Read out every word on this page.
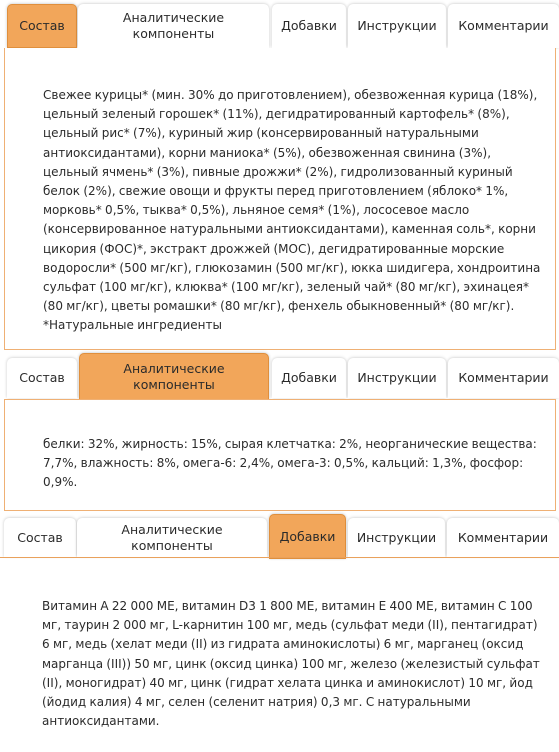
Состав
Аналитические компоненты
Добавки	Инструкции	Комментарии
Свежее курицы* (мин. 30% до приготовлением), обезвоженная курица (18%), цельный зеленый горошек* (11%), дегидратированный картофель* (8%), цельный рис* (7%), куриный жир (консервированный натуральными антиоксидантами), корни маниока* (5%), обезвоженная свинина (3%), цельный ячмень* (3%), пивные дрожжи* (2%), гидролизованный куриный белок (2%), свежие овощи и фрукты перед приготовлением (яблоко* 1%, морковь* 0,5%, тыква* 0,5%), льняное семя* (1%), лососевое масло (консервированное натуральными антиоксидантами), каменная соль*, корни цикория (ФОС)*, экстракт дрожжей (МОС), дегидратированные морские водоросли* (500 мг/кг), глюкозамин (500 мг/кг), юкка шидигера, хондроитина сульфат (100 мг/кг), клюква* (100 мг/кг), зеленый чай* (80 мг/кг), эхинацея* (80 мг/кг), цветы ромашки* (80 мг/кг), фенхель обыкновенный* (80 мг/кг). *Натуральные ингредиенты
Состав
Аналитические компоненты	Добавки	Инструкции	Комментарии
белки: 32%, жирность: 15%, сырая клетчатка: 2%, неорганические вещества: 7,7%, влажность: 8%, омега-6: 2,4%, омега-3: 0,5%, кальций: 1,3%, фосфор: 0,9%.
Состав
Аналитические компоненты
Добавки	Инструкции	Комментарии
Витамин A 22 000 МЕ, витамин D3 1 800 МЕ, витамин E 400 МЕ, витамин C 100 мг, таурин 2 000 мг, L-карнитин 100 мг, медь (сульфат меди (II), пентагидрат) 6 мг, медь (хелат меди (II) из гидрата аминокислоты) 6 мг, марганец (оксид марганца (III)) 50 мг, цинк (оксид цинка) 100 мг, железо (железистый сульфат (II), моногидрат) 40 мг, цинк (гидрат хелата цинка и аминокислот) 10 мг, йод (йодид калия) 4 мг, селен (селенит натрия) 0,3 мг. С натуральными антиоксидантами.
